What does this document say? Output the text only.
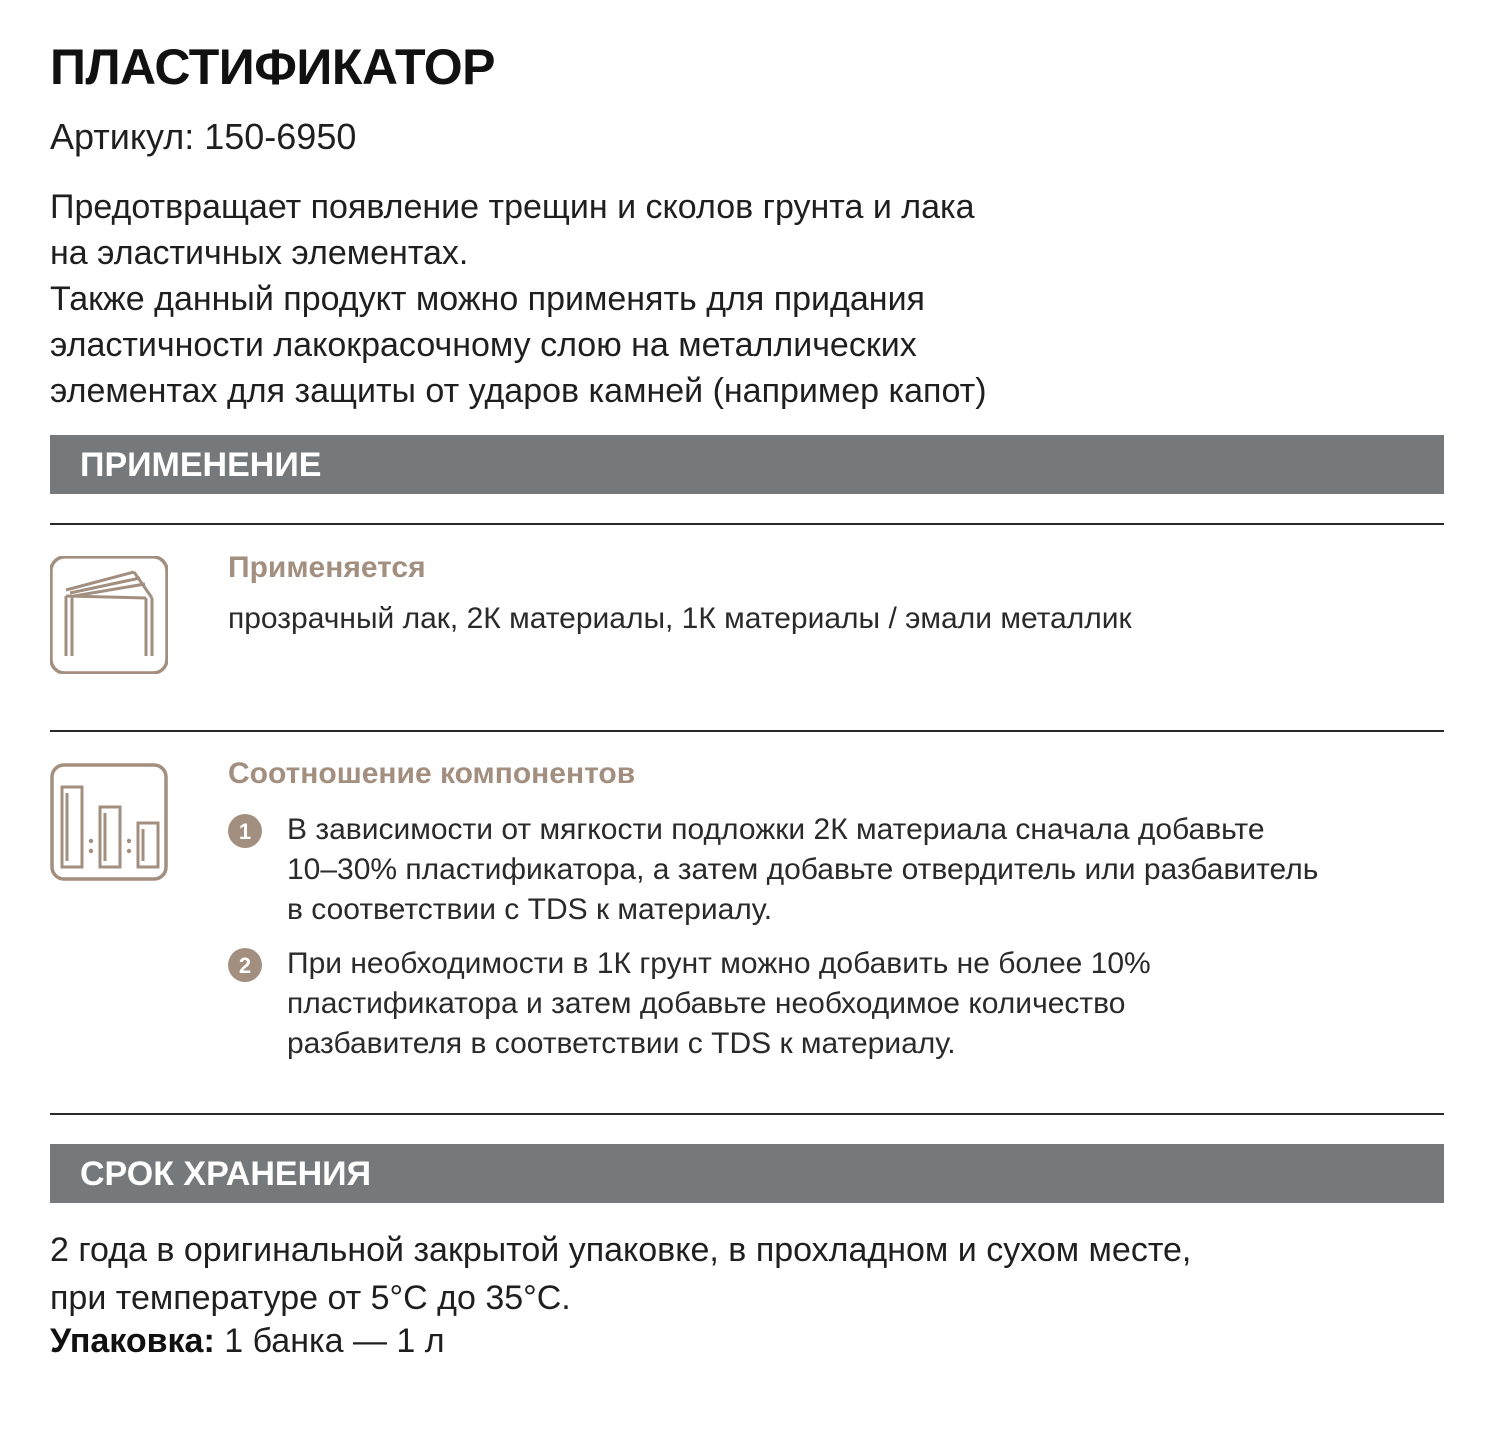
ПЛАСТИФИКАТОР
Артикул: 150-6950
Предотвращает появление трещин и сколов грунта и лака
на эластичных элементах.
Также данный продукт можно применять для придания
эластичности лакокрасочному слою на металлических
элементах для защиты от ударов камней (например капот)
ПРИМЕНЕНИЕ
Применяется
прозрачный лак, 2К материалы, 1К материалы / эмали металлик
Соотношение компонентов
1	В зависимости от мягкости подложки 2К материала сначала добавьте
10–30% пластификатора, а затем добавьте отвердитель или разбавитель
в соответствии с TDS к материалу.
2	При необходимости в 1К грунт можно добавить не более 10%
пластификатора и затем добавьте необходимое количество
разбавителя в соответствии с TDS к материалу.
СРОК ХРАНЕНИЯ
2 года в оригинальной закрытой упаковке, в прохладном и сухом месте,
при температуре от 5°С до 35°С.
Упаковка: 1 банка — 1 л
